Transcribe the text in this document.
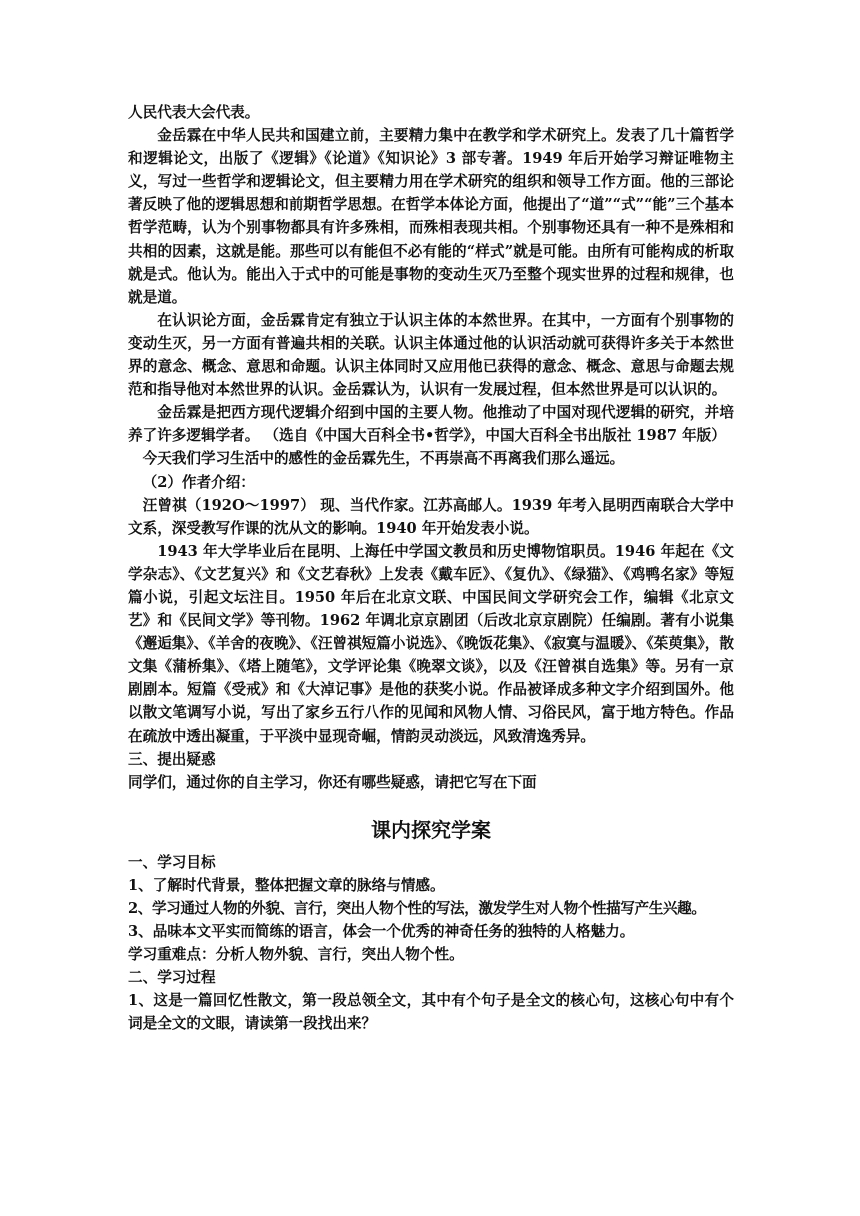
人民代表大会代表。

金岳霖在中华人民共和国建立前，主要精力集中在教学和学术研究上。发表了几十篇哲学和逻辑论文，出版了《逻辑》《论道》《知识论》3 部专著。1949 年后开始学习辩证唯物主义，写过一些哲学和逻辑论文，但主要精力用在学术研究的组织和领导工作方面。他的三部论著反映了他的逻辑思想和前期哲学思想。在哲学本体论方面，他提出了“道”“式”“能”三个基本哲学范畴，认为个别事物都具有许多殊相，而殊相表现共相。个别事物还具有一种不是殊相和共相的因素，这就是能。那些可以有能但不必有能的“样式”就是可能。由所有可能构成的析取就是式。他认为。能出入于式中的可能是事物的变动生灭乃至整个现实世界的过程和规律，也就是道。

在认识论方面，金岳霖肯定有独立于认识主体的本然世界。在其中，一方面有个别事物的变动生灭，另一方面有普遍共相的关联。认识主体通过他的认识活动就可获得许多关于本然世界的意念、概念、意思和命题。认识主体同时又应用他已获得的意念、概念、意思与命题去规范和指导他对本然世界的认识。金岳霖认为，认识有一发展过程，但本然世界是可以认识的。

金岳霖是把西方现代逻辑介绍到中国的主要人物。他推动了中国对现代逻辑的研究，并培养了许多逻辑学者。 （选自《中国大百科全书•哲学》，中国大百科全书出版社 1987 年版）

今天我们学习生活中的感性的金岳霖先生，不再崇高不再离我们那么遥远。

（2）作者介绍：

汪曾祺（192O～1997） 现、当代作家。江苏高邮人。1939 年考入昆明西南联合大学中文系，深受教写作课的沈从文的影响。1940 年开始发表小说。

1943 年大学毕业后在昆明、上海任中学国文教员和历史博物馆职员。1946 年起在《文学杂志》、《文艺复兴》和《文艺春秋》上发表《戴车匠》、《复仇》、《绿猫》、《鸡鸭名家》等短篇小说，引起文坛注目。1950 年后在北京文联、中国民间文学研究会工作，编辑《北京文艺》和《民间文学》等刊物。1962 年调北京京剧团（后改北京京剧院）任编剧。著有小说集《邂逅集》、《羊舍的夜晚》、《汪曾祺短篇小说选》、《晚饭花集》、《寂寞与温暖》、《茱萸集》，散文集《蒲桥集》、《塔上随笔》，文学评论集《晚翠文谈》，以及《汪曾祺自选集》等。另有一京剧剧本。短篇《受戒》和《大淖记事》是他的获奖小说。作品被译成多种文字介绍到国外。他以散文笔调写小说，写出了家乡五行八作的见闻和风物人情、习俗民风，富于地方特色。作品在疏放中透出凝重，于平淡中显现奇崛，情韵灵动淡远，风致清逸秀异。

三、提出疑惑

同学们，通过你的自主学习，你还有哪些疑惑，请把它写在下面

课内探究学案

一、学习目标

1、了解时代背景，整体把握文章的脉络与情感。

2、学习通过人物的外貌、言行，突出人物个性的写法，激发学生对人物个性描写产生兴趣。

3、品味本文平实而简练的语言，体会一个优秀的神奇任务的独特的人格魅力。

学习重难点：分析人物外貌、言行，突出人物个性。

二、学习过程

1、这是一篇回忆性散文，第一段总领全文，其中有个句子是全文的核心句，这核心句中有个词是全文的文眼，请读第一段找出来？
